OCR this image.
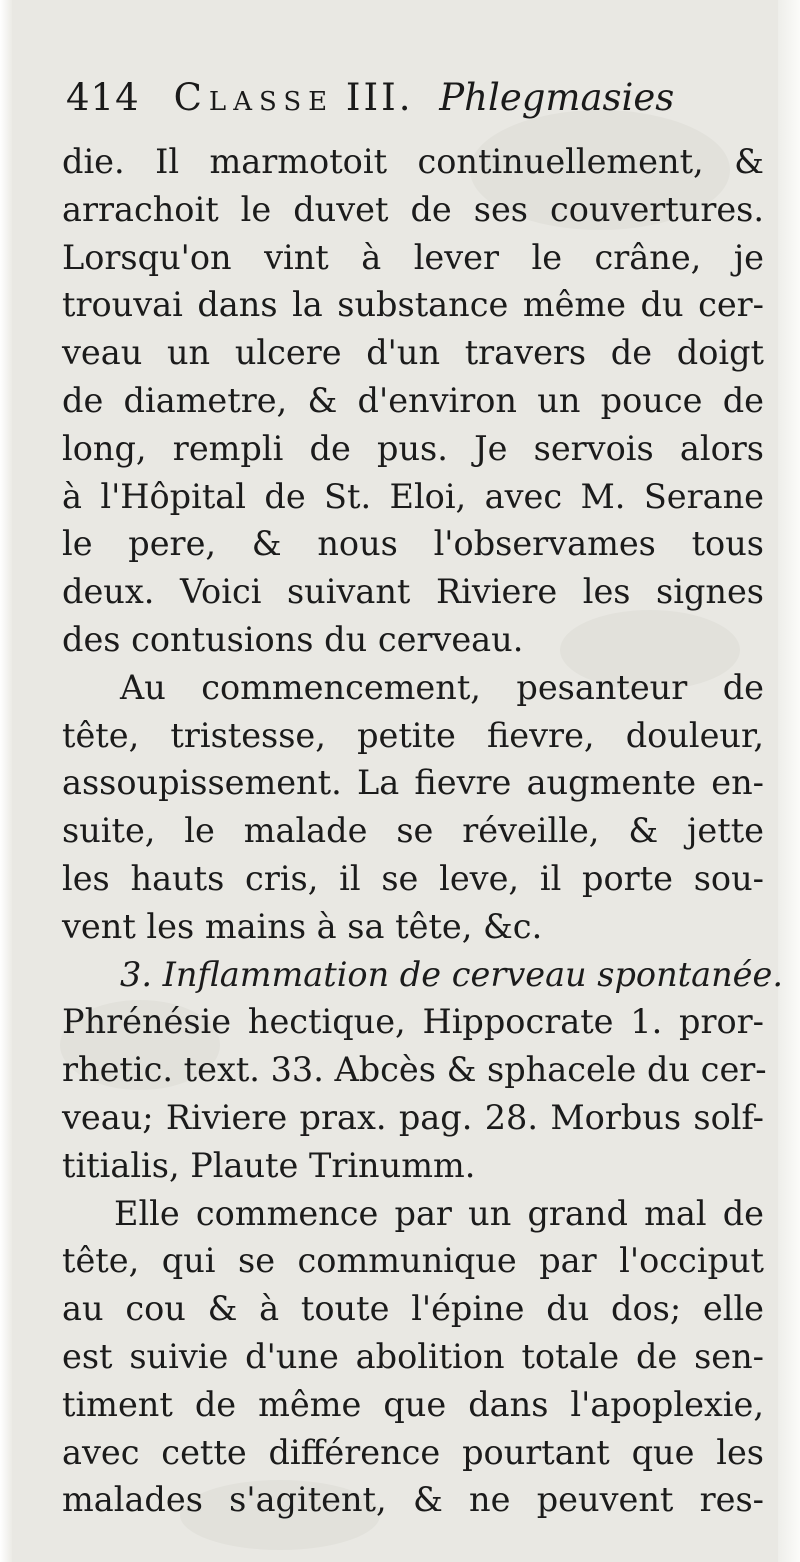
414 Classe III. Phlegmasies
die. Il marmotoit continuellement, &
arrachoit le duvet de ses couvertures.
Lorsqu'on vint à lever le crâne, je
trouvai dans la substance même du cer-
veau un ulcere d'un travers de doigt
de diametre, & d'environ un pouce de
long, rempli de pus. Je servois alors
à l'Hôpital de St. Eloi, avec M. Serane
le pere, & nous l'observames tous
deux. Voici suivant Riviere les signes
des contusions du cerveau.
Au commencement, pesanteur de
tête, tristesse, petite fievre, douleur,
assoupissement. La fievre augmente en-
suite, le malade se réveille, & jette
les hauts cris, il se leve, il porte sou-
vent les mains à sa tête, &c.
3. Inflammation de cerveau spontanée.
Phrénésie hectique, Hippocrate 1. pror-
rhetic. text. 33. Abcès & sphacele du cer-
veau; Riviere prax. pag. 28. Morbus solf-
titialis, Plaute Trinumm.
Elle commence par un grand mal de
tête, qui se communique par l'occiput
au cou & à toute l'épine du dos; elle
est suivie d'une abolition totale de sen-
timent de même que dans l'apoplexie,
avec cette différence pourtant que les
malades s'agitent, & ne peuvent res-
